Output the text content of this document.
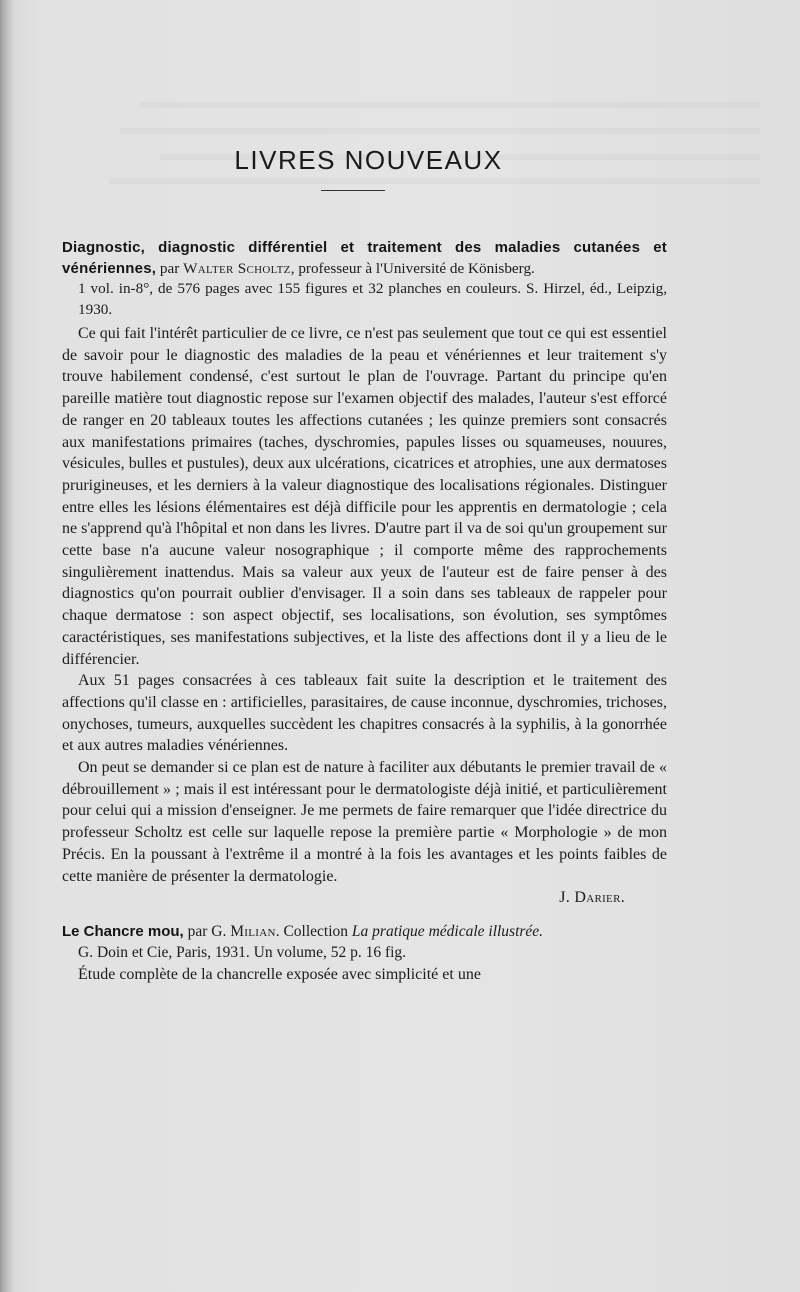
LIVRES NOUVEAUX
Diagnostic, diagnostic différentiel et traitement des maladies cutanées et vénériennes, par Walter Scholtz, professeur à l'Université de Könisberg.
1 vol. in-8°, de 576 pages avec 155 figures et 32 planches en couleurs. S. Hirzel, éd., Leipzig, 1930.

Ce qui fait l'intérêt particulier de ce livre, ce n'est pas seulement que tout ce qui est essentiel de savoir pour le diagnostic des maladies de la peau et vénériennes et leur traitement s'y trouve habilement condensé, c'est surtout le plan de l'ouvrage. Partant du principe qu'en pareille matière tout diagnostic repose sur l'examen objectif des malades, l'auteur s'est efforcé de ranger en 20 tableaux toutes les affections cutanées ; les quinze premiers sont consacrés aux manifestations primaires (taches, dyschromies, papules lisses ou squameuses, nouures, vésicules, bulles et pustules), deux aux ulcérations, cicatrices et atrophies, une aux dermatoses prurigineuses, et les derniers à la valeur diagnostique des localisations régionales. Distinguer entre elles les lésions élémentaires est déjà difficile pour les apprentis en dermatologie ; cela ne s'apprend qu'à l'hôpital et non dans les livres. D'autre part il va de soi qu'un groupement sur cette base n'a aucune valeur nosographique ; il comporte même des rapprochements singulièrement inattendus. Mais sa valeur aux yeux de l'auteur est de faire penser à des diagnostics qu'on pourrait oublier d'envisager. Il a soin dans ses tableaux de rappeler pour chaque dermatose : son aspect objectif, ses localisations, son évolution, ses symptômes caractéristiques, ses manifestations subjectives, et la liste des affections dont il y a lieu de le différencier.

Aux 51 pages consacrées à ces tableaux fait suite la description et le traitement des affections qu'il classe en : artificielles, parasitaires, de cause inconnue, dyschromies, trichoses, onychoses, tumeurs, auxquelles succèdent les chapitres consacrés à la syphilis, à la gonorrhée et aux autres maladies vénériennes.

On peut se demander si ce plan est de nature à faciliter aux débutants le premier travail de « débrouillement » ; mais il est intéressant pour le dermatologiste déjà initié, et particulièrement pour celui qui a mission d'enseigner. Je me permets de faire remarquer que l'idée directrice du professeur Scholtz est celle sur laquelle repose la première partie « Morphologie » de mon Précis. En la poussant à l'extrême il a montré à la fois les avantages et les points faibles de cette manière de présenter la dermatologie.

J. Darier.
Le Chancre mou, par G. Milian. Collection La pratique médicale illustrée.
G. Doin et Cie, Paris, 1931. Un volume, 52 p. 16 fig.

Étude complète de la chancrelle exposée avec simplicité et une
